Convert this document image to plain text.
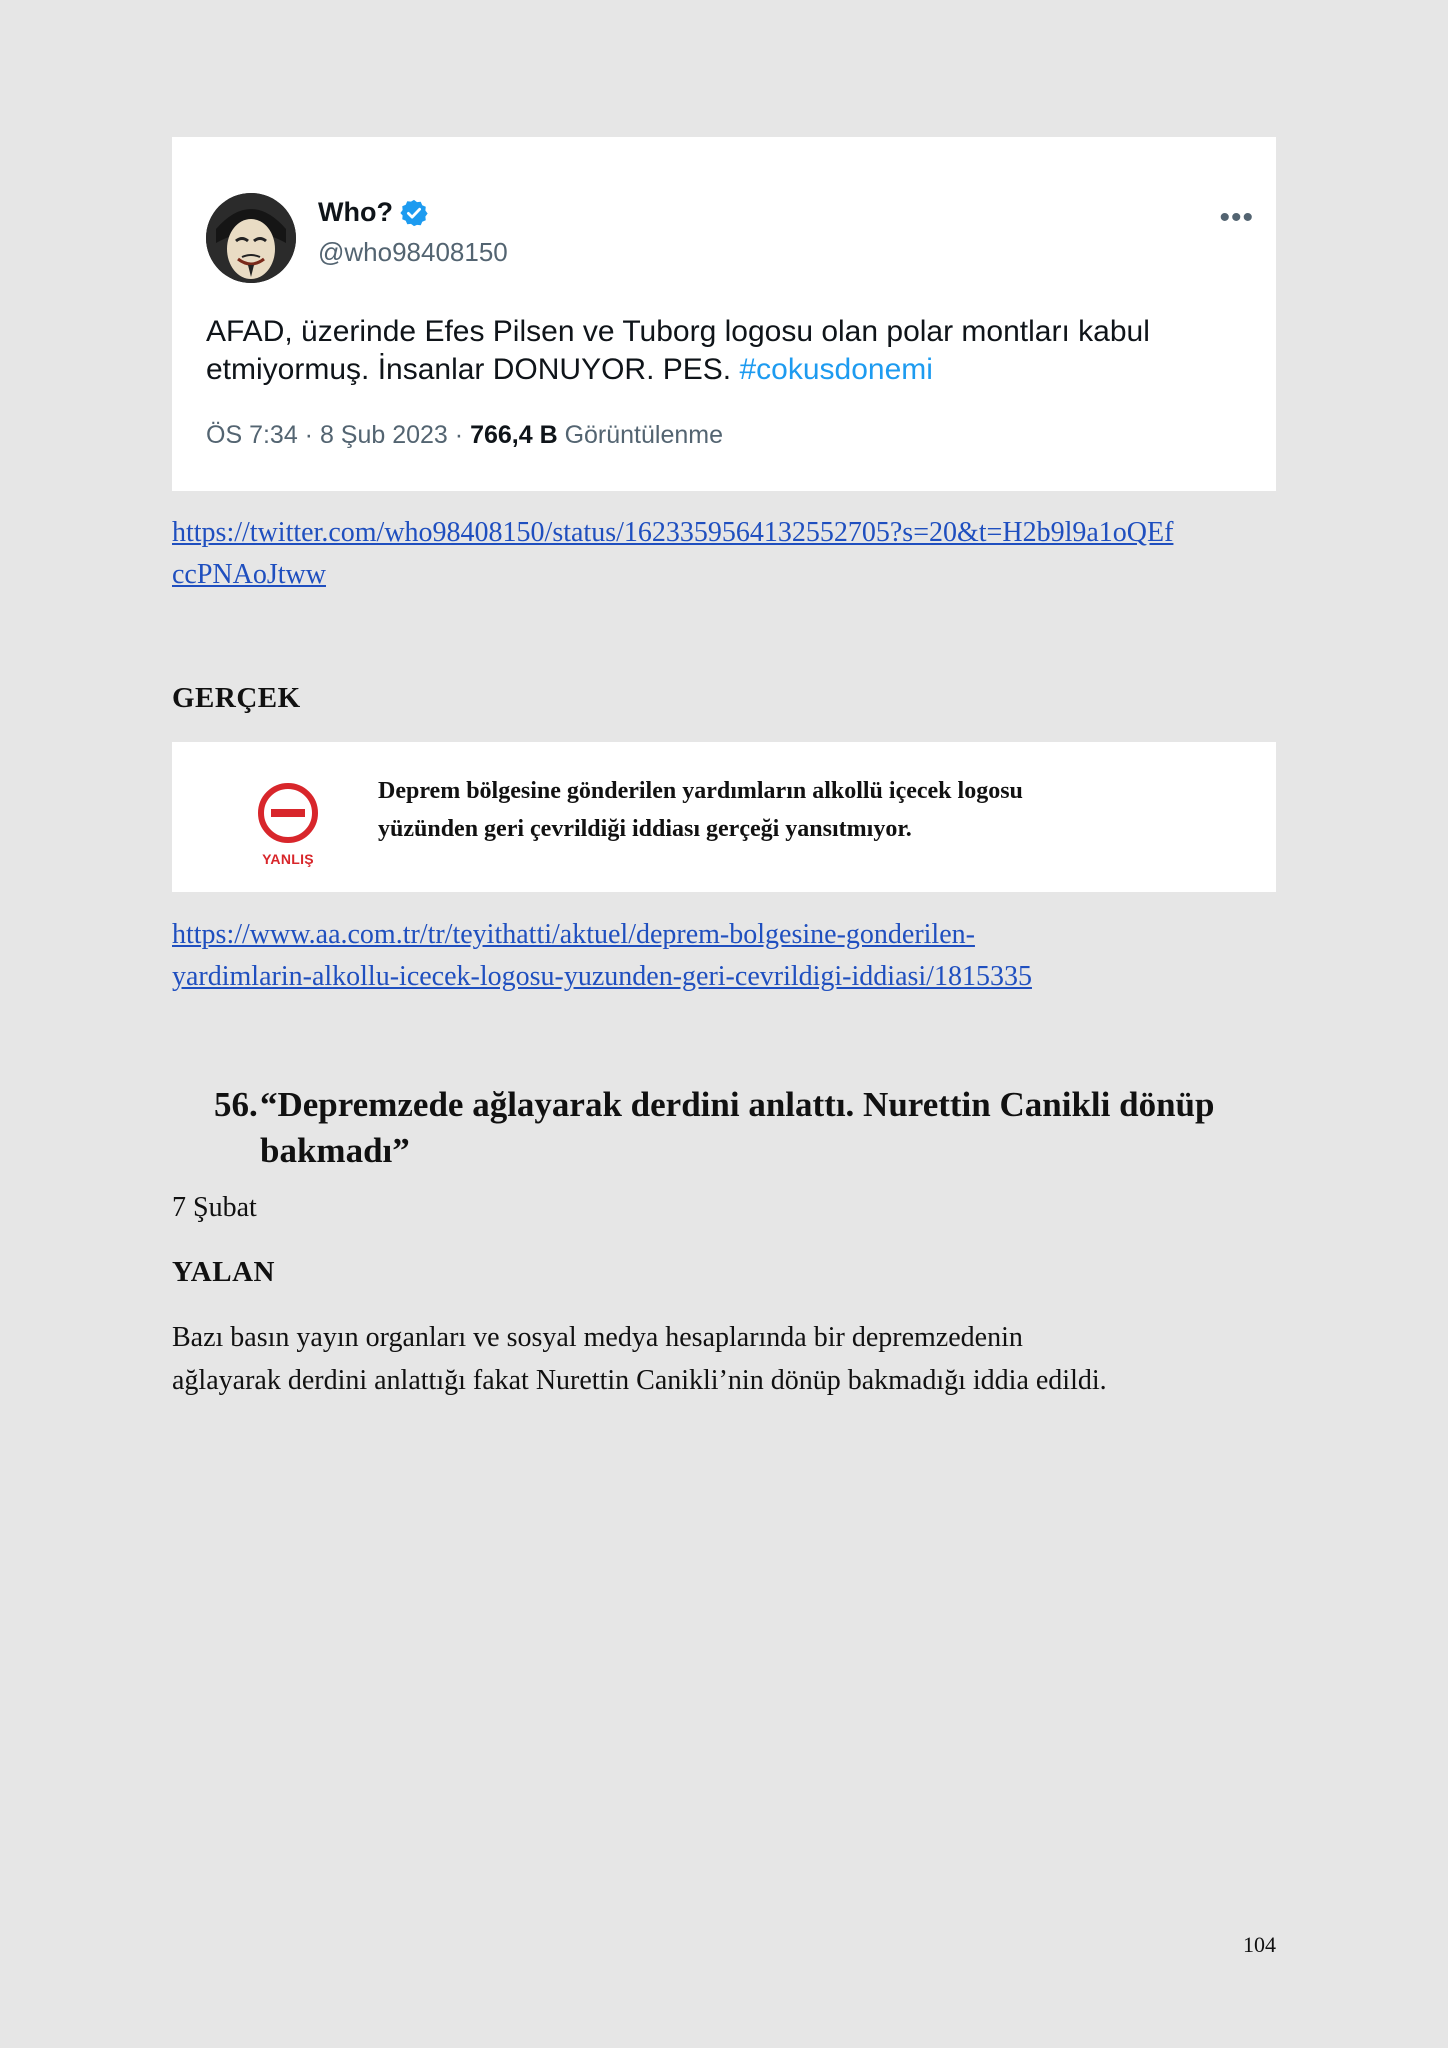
Who?
@who98408150
•••
AFAD, üzerinde Efes Pilsen ve Tuborg logosu olan polar montları kabul
etmiyormuş. İnsanlar DONUYOR. PES. #cokusdonemi
ÖS 7:34 · 8 Şub 2023 · 766,4 B Görüntülenme
https://twitter.com/who98408150/status/1623359564132552705?s=20&t=H2b9l9a1oQEf
ccPNAoJtww
GERÇEK
YANLIŞ
Deprem bölgesine gönderilen yardımların alkollü içecek logosu
yüzünden geri çevrildiği iddiası gerçeği yansıtmıyor.
https://www.aa.com.tr/tr/teyithatti/aktuel/deprem-bolgesine-gonderilen-
yardimlarin-alkollu-icecek-logosu-yuzunden-geri-cevrildigi-iddiasi/1815335
56.“Depremzede ağlayarak derdini anlattı. Nurettin Canikli dönüp
bakmadı”
7 Şubat
YALAN
Bazı basın yayın organları ve sosyal medya hesaplarında bir depremzedenin
ağlayarak derdini anlattığı fakat Nurettin Canikli’nin dönüp bakmadığı iddia edildi.
104
